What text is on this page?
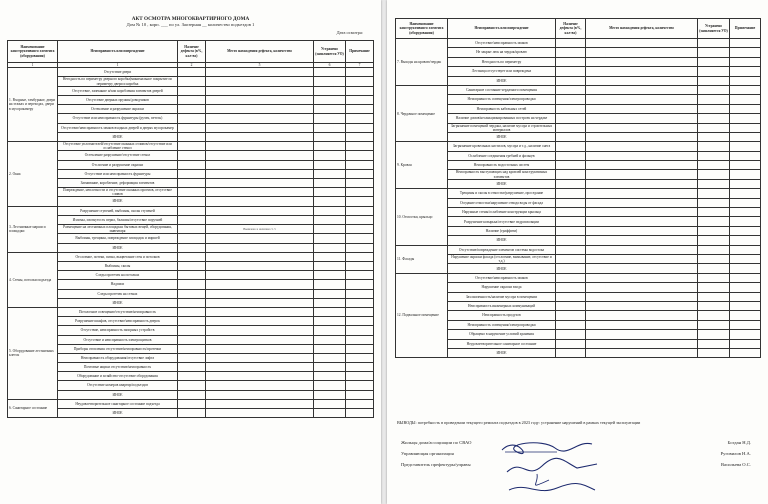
АКТ ОСМОТРА МНОГОКВАРТИРНОГО ДОМА
Дом № 10 , корп. ___ по ул. Заозерная __ количество подъездов 1
Дата осмотра:
Наименование конструктивного элемента (оборудования)	Неисправность или повреждение	Наличие дефекта (в%, кол-во)	Место нахождения дефекта, количество	Устранено (заполняется УО)	Примечание
1	1	2	5	6	7
1. Входные, тамбурные, двери на этажах и переходах, двери в мусорокамеру	Отсутствие двери				
	Негодность по периметру дверного коробка(минимальное покрытие по периметру двери и коробка				
	Отсутствие, запекание и/или коробления элементов дверей				
	Отсутствие дверных пружин/доводчиков				
	Остекление и разрушение окраски				
	Отсутствие или неисправность фурнитуры (ручек, петель)				
	Отсутствие/неисправность замков входных дверей и дверях мусорокамер				
	ИНОЕ				
2. Окна	Отсутствие уплотнителей/отсутствие оконных отливов/отсутствие или ослабление стекол				
	Остекление разрушение/отсутствие стекол				
	Отслоение и разрушение окраски				
	Отсутствие или неисправность фурнитуры				
	Загнивание, коробление, деформация элементов				
	Повреждение, неплотности и отсутствие оконных проемов, отсутствие сливов				
	ИНОЕ				
3. Лестничные марши и площадки	Разрушение ступеней, выбоины, сколы ступеней				
	Изломы, изогнутость перил, балясин/отсутствие поручней				
	Размещение на лестничных площадках бытовых вещей, оборудования, инвентаря		Выявлено в наличии ст. 5		
	Выбоины, трещины, повреждение площадок и маршей				
	ИНОЕ				
4. Стены, потолки подъезда	Отслоение, потеки, пятна, выцветание стен и потолков				
	Выбоины, сколы				
	Следы протечек на потолках				
	Надписи				
	Следы протечек на стенах				
	ИНОЕ				
5. Оборудование лестничных клеток	Потолочное освещение/отсутствие/неисправность				
	Разрушение шкафов, отсутствие/неисправность дверок				
	Отсутствие, неисправность запорных устройств				
	Отсутствие и неисправность электрощитков				
	Приборы отопления отсутствие/неисправность/протечки				
	Неисправность оборудования/отсутствие лифта				
	Почтовые ящики отсутствие/неисправность				
	Оборудование и хозяйство-отсутствие оборудования				
	Отсутствие номеров квартир/подъездов				
	ИНОЕ				
6. Санитарное состояние	Неудовлетворительное санитарное состояние подъезда				
	ИНОЕ				
Наименование конструктивного элемента (оборудования)	Неисправность или повреждение	Наличие дефекта (в%, кол-во)	Место нахождения дефекта, количество	Устранено (заполняется УО)	Примечание
7. Выходы на кровлю/чердак	Отсутствие/неисправность замков				
	Не закрыт люк на чердак/кровлю				
	Негодность по периметру				
	Лестница отсутствует или повреждена				
	ИНОЕ				
8. Чердачное помещение	Санитарное состояние чердачного помещения				
	Неисправность освещения/электропроводки				
	Неисправность кабельных сетей				
	Наличие домов/несанкционированных построек на чердаке				
	Загрязнение помещений чердака, наличие мусора и строительных материалов				
	ИНОЕ				
9. Кровля	Загрязнение кровельных настилов, мусора и т.д., наличие снега				
	Ослабление соединения гребней и фальцев				
	Неисправность водосточных систем				
	Неисправность выступающих над кровлей конструктивных элементов				
	ИНОЕ				
10. Отмостки, крыльцо	Трещины и сколы в отмостке/разрушение, проседание				
	Оседание отмостки/нарушение отвода воды от фасада				
	Наружные стены/ослабление конструкции крыльца				
	Разрушение козырька/отсутствие гидроизоляции				
	Наличие (граффити)				
	ИНОЕ				
11. Фасады	Отсутствие/повреждение элементов системы водостока				
	Нарушение окраски фасада (отслоение, вымывание, отсутствие и т.д.)				
	ИНОЕ				
12. Подвальное помещение	Отсутствие/неисправность замков				
	Нарушение окраски входа				
	Захламленность/наличие мусора в помещении				
	Неисправность инженерных коммуникаций				
	Неисправность продухов				
	Неисправность освещения/электропроводки				
	Обращено в нарушение условий хранения				
	Неудовлетворительное санитарное состояние				
	ИНОЕ				
ВЫВОДЫ: потребность в проведении текущего ремонта подъездов в 2023 году: устранение нарушений в рамках текущей эксплуатации
Жильцы дома/ассоциации по СВАО	Богдан Н.Д.
Управляющая организация	Руговилов Н.А.
Представитель префектуры/управы	Васильева О.С.
